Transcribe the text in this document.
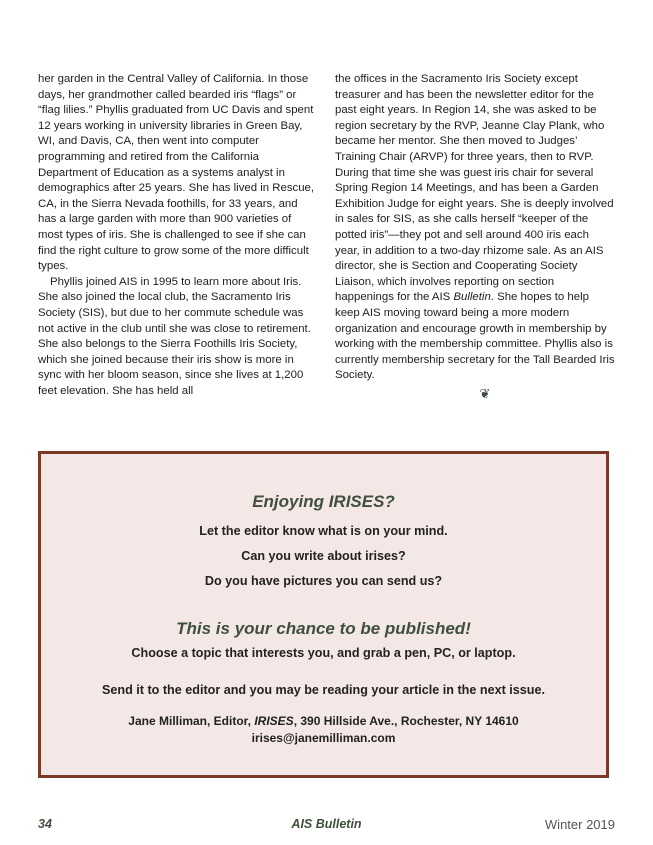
her garden in the Central Valley of California. In those days, her grandmother called bearded iris “flags” or “flag lilies.” Phyllis graduated from UC Davis and spent 12 years working in university libraries in Green Bay, WI, and Davis, CA, then went into computer programming and retired from the California Department of Education as a systems analyst in demographics after 25 years. She has lived in Rescue, CA, in the Sierra Nevada foothills, for 33 years, and has a large garden with more than 900 varieties of most types of iris. She is challenged to see if she can find the right culture to grow some of the more difficult types.

Phyllis joined AIS in 1995 to learn more about Iris. She also joined the local club, the Sacramento Iris Society (SIS), but due to her commute schedule was not active in the club until she was close to retirement. She also belongs to the Sierra Foothills Iris Society, which she joined because their iris show is more in sync with her bloom season, since she lives at 1,200 feet elevation. She has held all

the offices in the Sacramento Iris Society except treasurer and has been the newsletter editor for the past eight years. In Region 14, she was asked to be region secretary by the RVP, Jeanne Clay Plank, who became her mentor. She then moved to Judges’ Training Chair (ARVP) for three years, then to RVP. During that time she was guest iris chair for several Spring Region 14 Meetings, and has been a Garden Exhibition Judge for eight years. She is deeply involved in sales for SIS, as she calls herself “keeper of the potted iris”—they pot and sell around 400 iris each year, in addition to a two-day rhizome sale. As an AIS director, she is Section and Cooperating Society Liaison, which involves reporting on section happenings for the AIS Bulletin. She hopes to help keep AIS moving toward being a more modern organization and encourage growth in membership by working with the membership committee. Phyllis also is currently membership secretary for the Tall Bearded Iris Society.

❦
Enjoying IRISES?
Let the editor know what is on your mind.
Can you write about irises?
Do you have pictures you can send us?
This is your chance to be published!
Choose a topic that interests you, and grab a pen, PC, or laptop.
Send it to the editor and you may be reading your article in the next issue.
Jane Milliman, Editor, IRISES, 390 Hillside Ave., Rochester, NY 14610
irises@janemilliman.com
34	AIS Bulletin	Winter 2019
